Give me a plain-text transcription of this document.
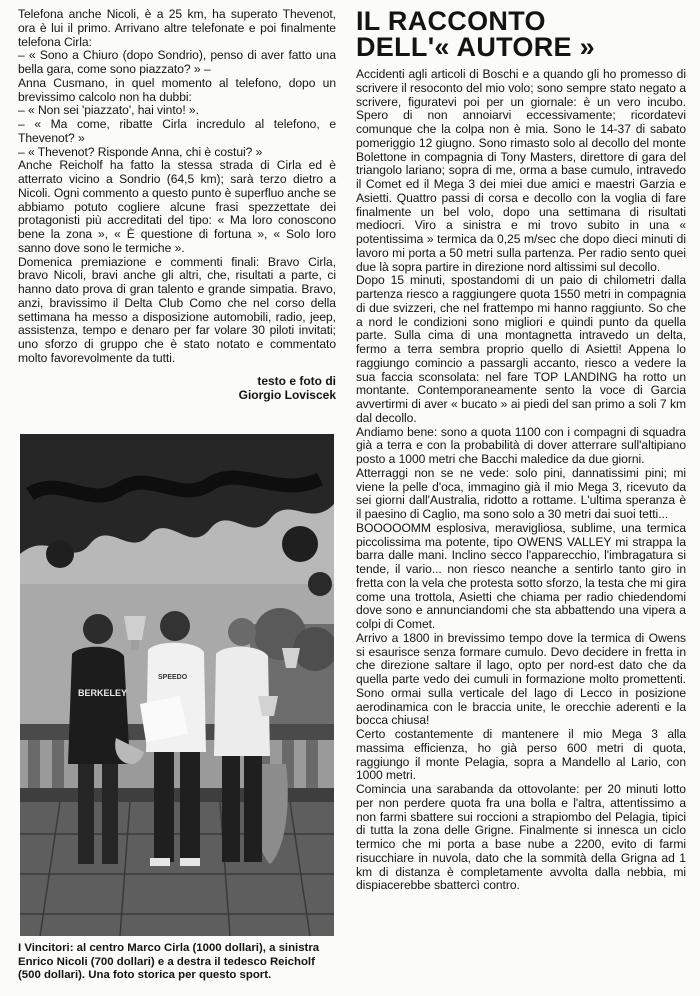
Telefona anche Nicoli, è a 25 km, ha superato Thevenot, ora è lui il primo. Arrivano altre telefonate e poi finalmente telefona Cirla:

– « Sono a Chiuro (dopo Sondrio), penso di aver fatto una bella gara, come sono piazzato? » –

Anna Cusmano, in quel momento al telefono, dopo un brevissimo calcolo non ha dubbi:

– « Non sei 'piazzato', hai vinto! ».

– « Ma come, ribatte Cirla incredulo al telefono, e Thevenot? »

– « Thevenot? Risponde Anna, chi è costui? »

Anche Reicholf ha fatto la stessa strada di Cirla ed è atterrato vicino a Sondrio (64,5 km); sarà terzo dietro a Nicoli. Ogni commento a questo punto è superfluo anche se abbiamo potuto cogliere alcune frasi spezzettate dei protagonisti più accreditati del tipo: « Ma loro conoscono bene la zona », « È questione di fortuna », « Solo loro sanno dove sono le termiche ».

Domenica premiazione e commenti finali: Bravo Cirla, bravo Nicoli, bravi anche gli altri, che, risultati a parte, ci hanno dato prova di gran talento e grande simpatia. Bravo, anzi, bravissimo il Delta Club Como che nel corso della settimana ha messo a disposizione automobili, radio, jeep, assistenza, tempo e denaro per far volare 30 piloti invitati; uno sforzo di gruppo che è stato notato e commentato molto favorevolmente da tutti.

testo e foto di
Giorgio Loviscek

BERKELEY
SPEEDO

I Vincitori: al centro Marco Cirla (1000 dollari), a sinistra Enrico Nicoli (700 dollari) e a destra il tedesco Reicholf (500 dollari). Una foto storica per questo sport.

IL RACCONTO
DELL'« AUTORE »

Accidenti agli articoli di Boschi e a quando gli ho promesso di scrivere il resoconto del mio volo; sono sempre stato negato a scrivere, figuratevi poi per un giornale: è un vero incubo. Spero di non annoiarvi eccessivamente; ricordatevi comunque che la colpa non è mia. Sono le 14-37 di sabato pomeriggio 12 giugno. Sono rimasto solo al decollo del monte Bolettone in compagnia di Tony Masters, direttore di gara del triangolo lariano; sopra di me, orma a base cumulo, intravedo il Comet ed il Mega 3 dei miei due amici e maestri Garzia e Asietti. Quattro passi di corsa e decollo con la voglia di fare finalmente un bel volo, dopo una settimana di risultati mediocri. Viro a sinistra e mi trovo subito in una « potentissima » termica da 0,25 m/sec che dopo dieci minuti di lavoro mi porta a 50 metri sulla partenza. Per radio sento quei due là sopra partire in direzione nord altissimi sul decollo.

Dopo 15 minuti, spostandomi di un paio di chilometri dalla partenza riesco a raggiungere quota 1550 metri in compagnia di due svizzeri, che nel frattempo mi hanno raggiunto. So che a nord le condizioni sono migliori e quindi punto da quella parte. Sulla cima di una montagnetta intravedo un delta, fermo a terra sembra proprio quello di Asietti! Appena lo raggiungo comincio a passargli accanto, riesco a vedere la sua faccia sconsolata: nel fare TOP LANDING ha rotto un montante. Contemporaneamente sento la voce di Garcia avvertirmi di aver « bucato » ai piedi del san primo a soli 7 km dal decollo.

Andiamo bene: sono a quota 1100 con i compagni di squadra già a terra e con la probabilità di dover atterrare sull'altipiano posto a 1000 metri che Bacchi maledice da due giorni.

Atterraggi non se ne vede: solo pini, dannatissimi pini; mi viene la pelle d'oca, immagino già il mio Mega 3, ricevuto da sei giorni dall'Australia, ridotto a rottame. L'ultima speranza è il paesino di Caglio, ma sono solo a 30 metri dai suoi tetti...

BOOOOOMM esplosiva, meravigliosa, sublime, una termica piccolissima ma potente, tipo OWENS VALLEY mi strappa la barra dalle mani. Inclino secco l'apparecchio, l'imbragatura si tende, il vario... non riesco neanche a sentirlo tanto giro in fretta con la vela che protesta sotto sforzo, la testa che mi gira come una trottola, Asietti che chiama per radio chiedendomi dove sono e annunciandomi che sta abbattendo una vipera a colpi di Comet.

Arrivo a 1800 in brevissimo tempo dove la termica di Owens si esaurisce senza formare cumulo. Devo decidere in fretta in che direzione saltare il lago, opto per nord-est dato che da quella parte vedo dei cumuli in formazione molto promettenti. Sono ormai sulla verticale del lago di Lecco in posizione aerodinamica con le braccia unite, le orecchie aderenti e la bocca chiusa!

Certo costantemente di mantenere il mio Mega 3 alla massima efficienza, ho già perso 600 metri di quota, raggiungo il monte Pelagia, sopra a Mandello al Lario, con 1000 metri.

Comincia una sarabanda da ottovolante: per 20 minuti lotto per non perdere quota fra una bolla e l'altra, attentissimo a non farmi sbattere sui roccioni a strapiombo del Pelagia, tipici di tutta la zona delle Grigne. Finalmente si innesca un ciclo termico che mi porta a base nube a 2200, evito di farmi risucchiare in nuvola, dato che la sommità della Grigna ad 1 km di distanza è completamente avvolta dalla nebbia, mi dispiacerebbe sbattercì contro.
